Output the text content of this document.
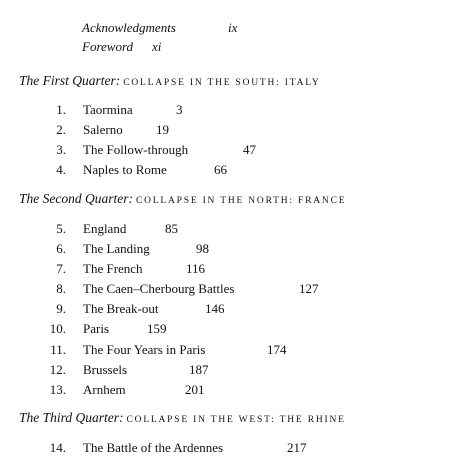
Acknowledgments	ix
Foreword xi
The First Quarter: COLLAPSE IN THE SOUTH: ITALY
1. Taormina	3
2. Salerno	19
3. The Follow-through	47
4. Naples to Rome	66
The Second Quarter: COLLAPSE IN THE NORTH: FRANCE
5. England	85
6. The Landing	98
7. The French	116
8. The Caen–Cherbourg Battles	127
9. The Break-out	146
10. Paris	159
11. The Four Years in Paris	174
12. Brussels	187
13. Arnhem	201
The Third Quarter: COLLAPSE IN THE WEST: THE RHINE
14. The Battle of the Ardennes	217
